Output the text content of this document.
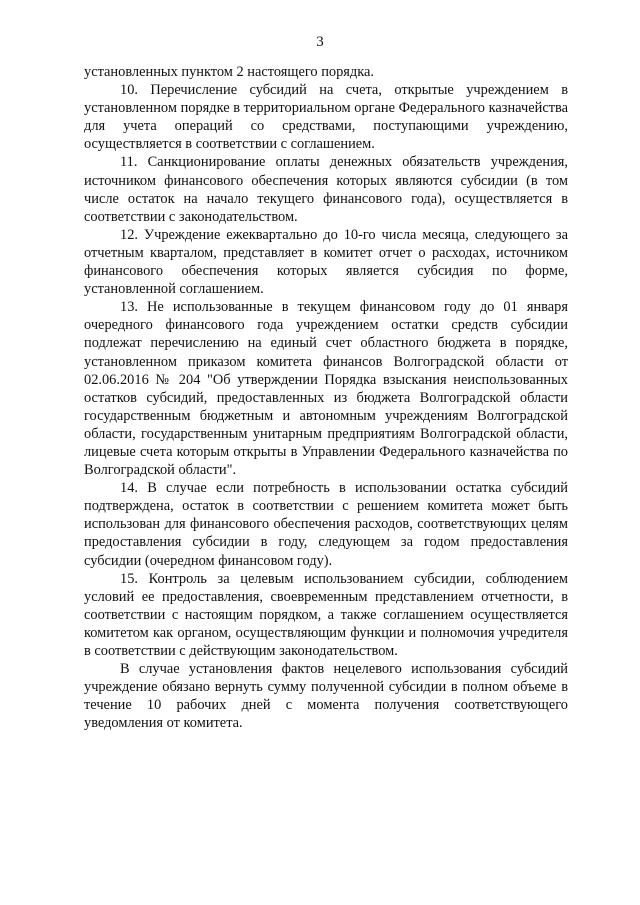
3

установленных пунктом 2 настоящего порядка.

10. Перечисление субсидий на счета, открытые учреждением в установленном порядке в территориальном органе Федерального казначейства для учета операций со средствами, поступающими учреждению, осуществляется в соответствии с соглашением.

11. Санкционирование оплаты денежных обязательств учреждения, источником финансового обеспечения которых являются субсидии (в том числе остаток на начало текущего финансового года), осуществляется в соответствии с законодательством.

12. Учреждение ежеквартально до 10-го числа месяца, следующего за отчетным кварталом, представляет в комитет отчет о расходах, источником финансового обеспечения которых является субсидия по форме, установленной соглашением.

13. Не использованные в текущем финансовом году до 01 января очередного финансового года учреждением остатки средств субсидии подлежат перечислению на единый счет областного бюджета в порядке, установленном приказом комитета финансов Волгоградской области от 02.06.2016 № 204 "Об утверждении Порядка взыскания неиспользованных остатков субсидий, предоставленных из бюджета Волгоградской области государственным бюджетным и автономным учреждениям Волгоградской области, государственным унитарным предприятиям Волгоградской области, лицевые счета которым открыты в Управлении Федерального казначейства по Волгоградской области".

14. В случае если потребность в использовании остатка субсидий подтверждена, остаток в соответствии с решением комитета может быть использован для финансового обеспечения расходов, соответствующих целям предоставления субсидии в году, следующем за годом предоставления субсидии (очередном финансовом году).

15. Контроль за целевым использованием субсидии, соблюдением условий ее предоставления, своевременным представлением отчетности, в соответствии с настоящим порядком, а также соглашением осуществляется комитетом как органом, осуществляющим функции и полномочия учредителя в соответствии с действующим законодательством.

В случае установления фактов нецелевого использования субсидий учреждение обязано вернуть сумму полученной субсидии в полном объеме в течение 10 рабочих дней с момента получения соответствующего уведомления от комитета.
